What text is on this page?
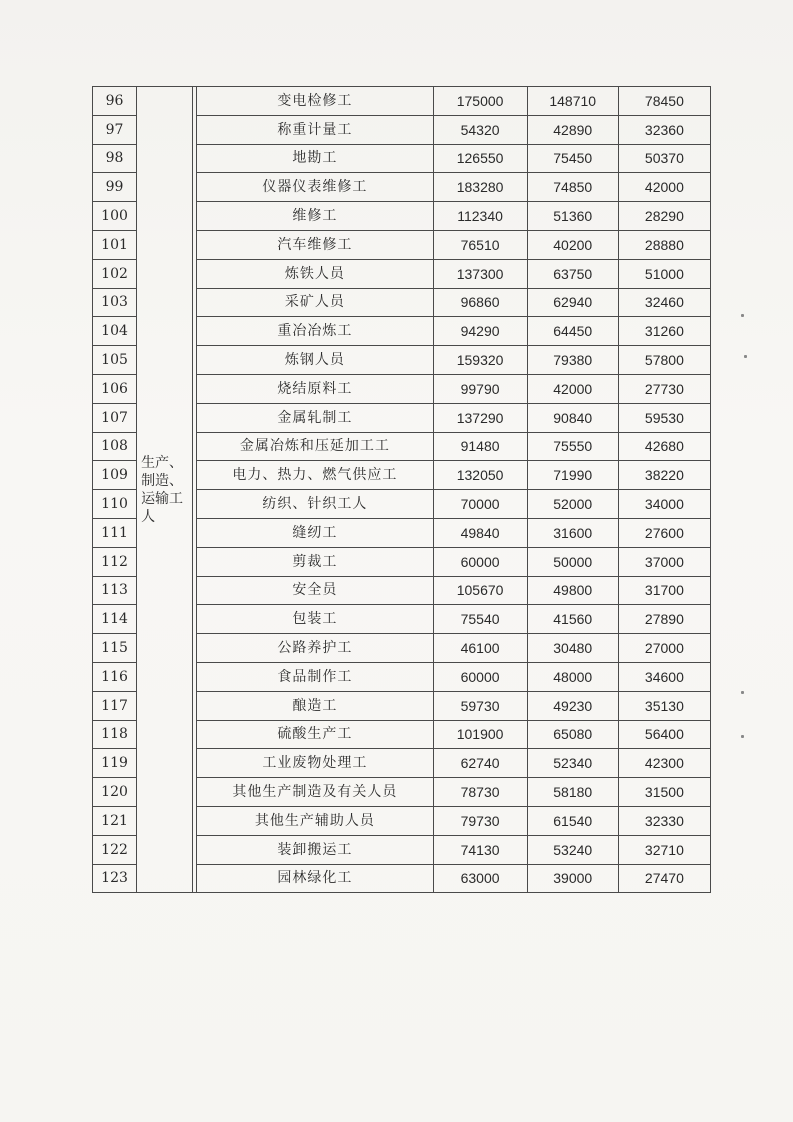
96	生产、制造、运输工人		变电检修工	175000	148710	78450
97			称重计量工	54320	42890	32360
98			地勘工	126550	75450	50370
99			仪器仪表维修工	183280	74850	42000
100			维修工	112340	51360	28290
101			汽车维修工	76510	40200	28880
102			炼铁人员	137300	63750	51000
103			采矿人员	96860	62940	32460
104			重冶冶炼工	94290	64450	31260
105			炼钢人员	159320	79380	57800
106			烧结原料工	99790	42000	27730
107			金属轧制工	137290	90840	59530
108			金属冶炼和压延加工工	91480	75550	42680
109			电力、热力、燃气供应工	132050	71990	38220
110			纺织、针织工人	70000	52000	34000
111			缝纫工	49840	31600	27600
112			剪裁工	60000	50000	37000
113			安全员	105670	49800	31700
114			包装工	75540	41560	27890
115			公路养护工	46100	30480	27000
116			食品制作工	60000	48000	34600
117			酿造工	59730	49230	35130
118			硫酸生产工	101900	65080	56400
119			工业废物处理工	62740	52340	42300
120			其他生产制造及有关人员	78730	58180	31500
121			其他生产辅助人员	79730	61540	32330
122			装卸搬运工	74130	53240	32710
123			园林绿化工	63000	39000	27470
